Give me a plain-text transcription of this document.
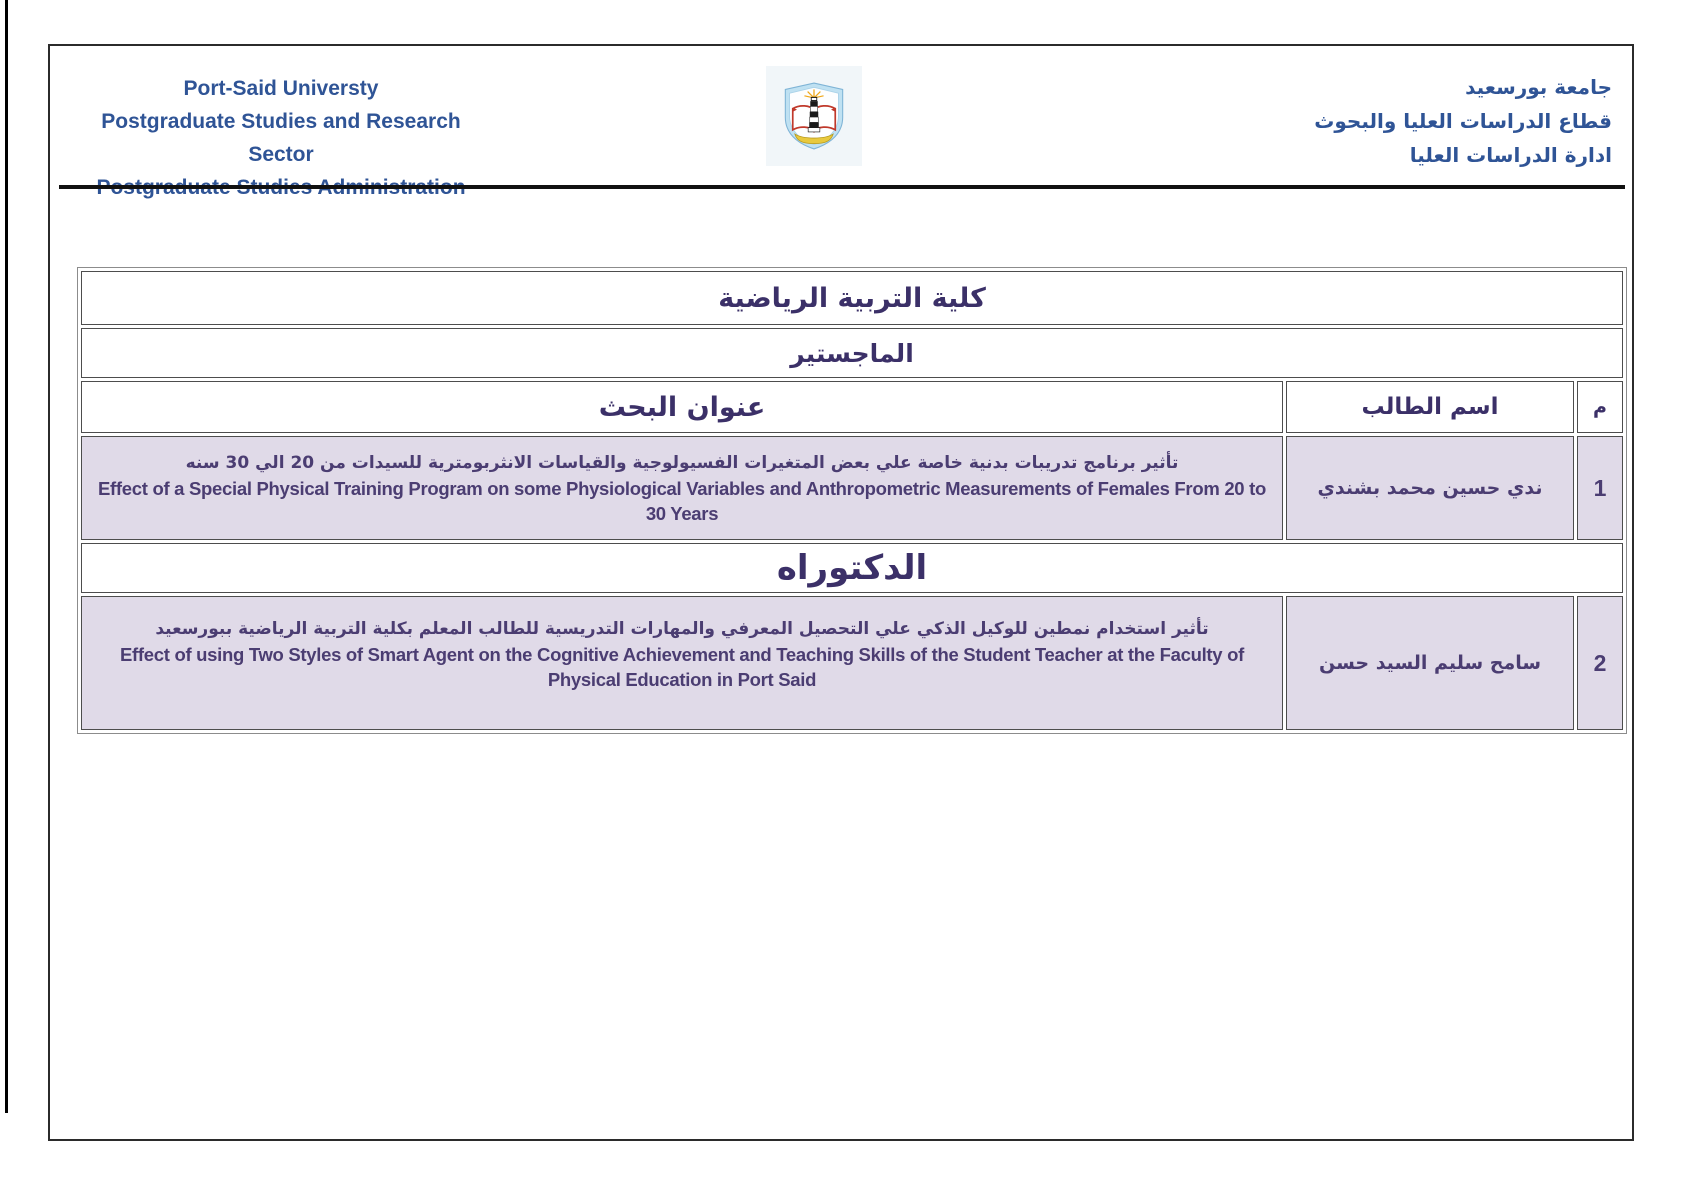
Port-Said Universty
Postgraduate Studies and Research Sector
جامعة بورسعيد
قطاع الدراسات العليا والبحوث
ادارة الدراسات العليا
كلية التربية الرياضية		
الماجستير		
م	اسم الطالب	عنوان البحث
1	ندي حسين محمد بشندي	تأثير برنامج تدريبات بدنية خاصة علي بعض المتغيرات الفسيولوجية والقياسات الانثربومترية للسيدات من 20 الي 30 سنه
Effect of a Special Physical Training Program on some Physiological Variables and Anthropometric Measurements of Females From 20 to 30 Years

الدكتوراه		
2	سامح سليم السيد حسن	تأثير استخدام نمطين للوكيل الذكي علي التحصيل المعرفي والمهارات التدريسية للطالب المعلم بكلية التربية الرياضية ببورسعيد
Effect of using Two Styles of Smart Agent on the Cognitive Achievement and Teaching Skills of the Student Teacher at the Faculty of Physical Education in Port Said
